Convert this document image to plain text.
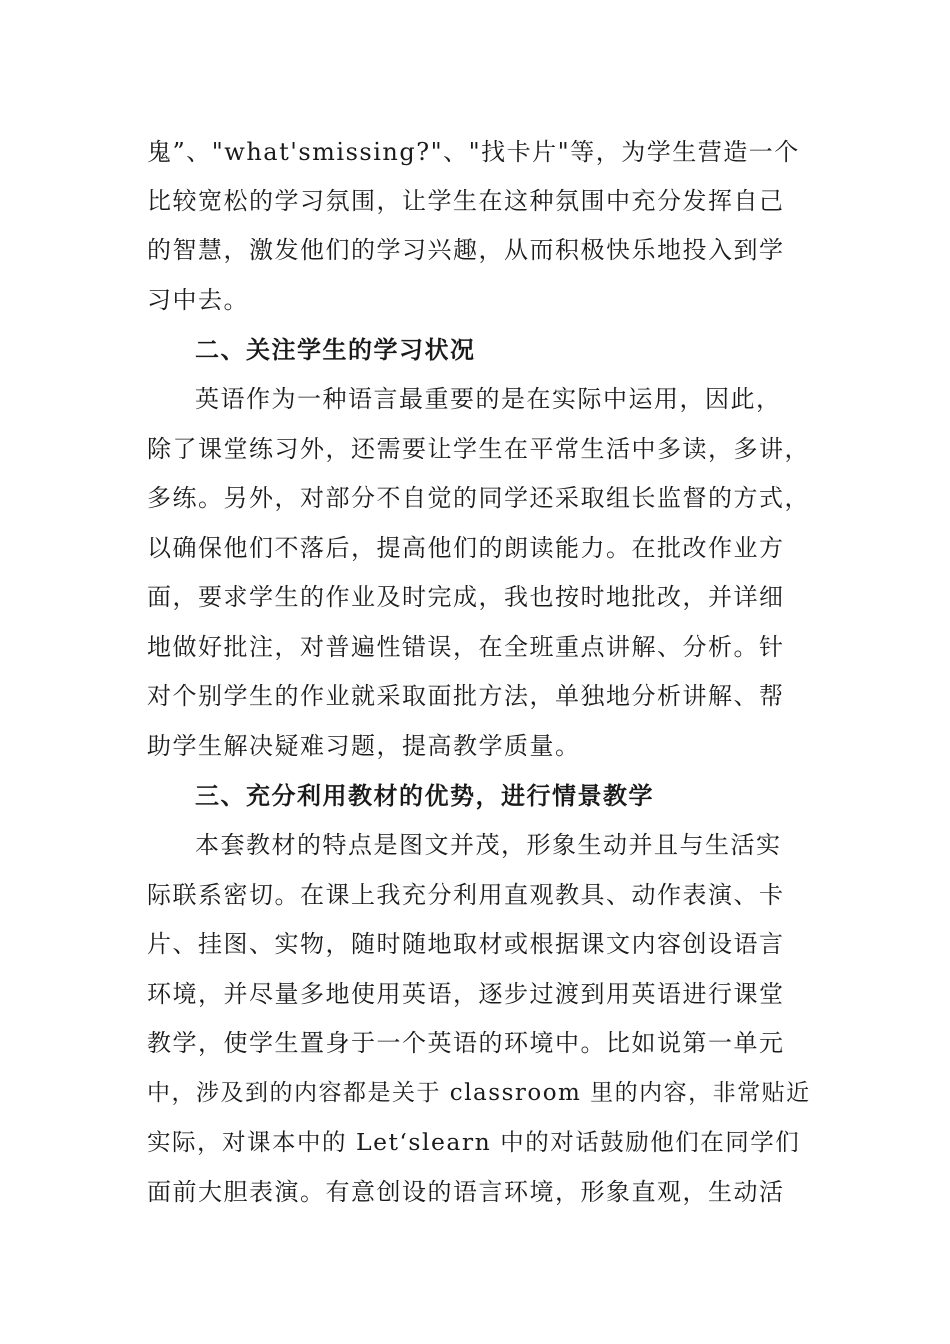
鬼”、"what'smissing?"、"找卡片"等，为学生营造一个
比较宽松的学习氛围，让学生在这种氛围中充分发挥自己
的智慧，激发他们的学习兴趣，从而积极快乐地投入到学
习中去。
二、关注学生的学习状况
英语作为一种语言最重要的是在实际中运用，因此，
除了课堂练习外，还需要让学生在平常生活中多读，多讲，
多练。另外，对部分不自觉的同学还采取组长监督的方式，
以确保他们不落后，提高他们的朗读能力。在批改作业方
面，要求学生的作业及时完成，我也按时地批改，并详细
地做好批注，对普遍性错误，在全班重点讲解、分析。针
对个别学生的作业就采取面批方法，单独地分析讲解、帮
助学生解决疑难习题，提高教学质量。
三、充分利用教材的优势，进行情景教学
本套教材的特点是图文并茂，形象生动并且与生活实
际联系密切。在课上我充分利用直观教具、动作表演、卡
片、挂图、实物，随时随地取材或根据课文内容创设语言
环境，并尽量多地使用英语，逐步过渡到用英语进行课堂
教学，使学生置身于一个英语的环境中。比如说第一单元
中，涉及到的内容都是关于 classroom 里的内容，非常贴近
实际，对课本中的 Let‘slearn 中的对话鼓励他们在同学们
面前大胆表演。有意创设的语言环境，形象直观，生动活
